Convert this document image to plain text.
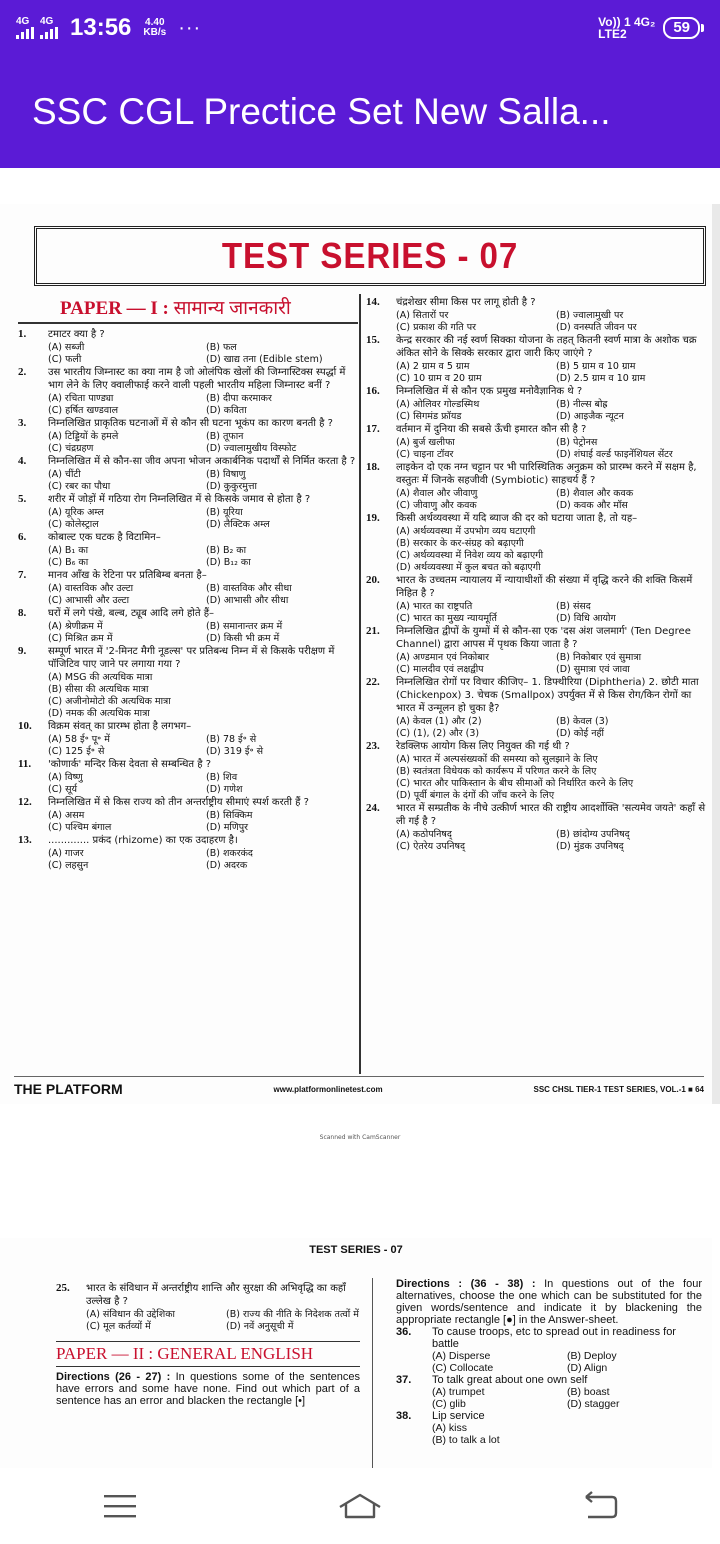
4G 4G 13:56 4.40
KB/s ···	Vo)) 1 4G₂
LTE2	59
SSC CGL Prectice Set New Salla...
TEST SERIES - 07
PAPER — I : सामान्य जानकारी
1.	टमाटर क्या है ?
(A) सब्जी	(B) फल
(C) फली	(D) खाद्य तना (Edible stem)
2.	उस भारतीय जिम्नास्ट का क्या नाम है जो ओलंपिक खेलों की जिम्नास्टिक्स स्पर्द्धा में भाग लेने के लिए क्वालीफाई करने वाली पहली भारतीय महिला जिम्नास्ट बनीं ?
(A) रचिता पाण्ड्या	(B) दीपा करमाकर
(C) हर्षित खण्डवाल	(D) कविता
3.	निम्नलिखित प्राकृतिक घटनाओं में से कौन सी घटना भूकंप का कारण बनती है ?
(A) टिड्डियों के हमले	(B) तूफान
(C) चंद्रग्रहण	(D) ज्वालामुखीय विस्फोट
4.	निम्नलिखित में से कौन-सा जीव अपना भोजन अकार्बनिक पदार्थों से निर्मित करता है ?
(A) चींटी	(B) विषाणु
(C) रबर का पौधा	(D) कुकुरमुत्ता
5.	शरीर में जोड़ों में गठिया रोग निम्नलिखित में से किसके जमाव से होता है ?
(A) यूरिक अम्ल	(B) यूरिया
(C) कोलेस्ट्राल	(D) लैक्टिक अम्ल
6.	कोबाल्ट एक घटक है विटामिन–
(A) B₁ का	(B) B₂ का
(C) B₆ का	(D) B₁₂ का
7.	मानव आँख के रेटिना पर प्रतिबिम्ब बनता है–
(A) वास्तविक और उल्टा	(B) वास्तविक और सीधा
(C) आभासी और उल्टा	(D) आभासी और सीधा
8.	घरों में लगे पंखे, बल्ब, ट्यूब आदि लगे होते हैं–
(A) श्रेणीक्रम में	(B) समानान्तर क्रम में
(C) मिश्रित क्रम में	(D) किसी भी क्रम में
9.	सम्पूर्ण भारत में '2-मिनट मैगी नूडल्स' पर प्रतिबन्ध निम्न में से किसके परीक्षण में पॉजिटिव पाए जाने पर लगाया गया ?
(A) MSG की अत्यधिक मात्रा
(B) सीसा की अत्यधिक मात्रा
(C) अजीनोमोटो की अत्यधिक मात्रा
(D) नमक की अत्यधिक मात्रा
10.	विक्रम संवत् का प्रारम्भ होता है लगभग–
(A) 58 ई॰ पू॰ में	(B) 78 ई॰ से
(C) 125 ई॰ से	(D) 319 ई॰ से
11.	'कोणार्क' मन्दिर किस देवता से सम्बन्धित है ?
(A) विष्णु	(B) शिव
(C) सूर्य	(D) गणेश
12.	निम्नलिखित में से किस राज्य को तीन अन्तर्राष्ट्रीय सीमाएं स्पर्श करती हैं ?
(A) असम	(B) सिक्किम
(C) पश्चिम बंगाल	(D) मणिपुर
13.	............. प्रकंद (rhizome) का एक उदाहरण है।
(A) गाजर	(B) शकरकंद
(C) लहसुन	(D) अदरक
14.	चंद्रशेखर सीमा किस पर लागू होती है ?
(A) सितारों पर	(B) ज्वालामुखी पर
(C) प्रकाश की गति पर	(D) वनस्पति जीवन पर
15.	केन्द्र सरकार की नई स्वर्ण सिक्का योजना के तहत् कितनी स्वर्ण मात्रा के अशोक चक्र अंकित सोने के सिक्के सरकार द्वारा जारी किए जाएंगे ?
(A) 2 ग्राम व 5 ग्राम	(B) 5 ग्राम व 10 ग्राम
(C) 10 ग्राम व 20 ग्राम	(D) 2.5 ग्राम व 10 ग्राम
16.	निम्नलिखित में से कौन एक प्रमुख मनोवैज्ञानिक थे ?
(A) ओलिवर गोल्डस्मिथ	(B) नील्स बोह्र
(C) सिगमंड फ्रॉयड	(D) आइजैक न्यूटन
17.	वर्तमान में दुनिया की सबसे ऊँची इमारत कौन सी है ?
(A) बुर्ज खलीफा	(B) पेट्रोनस
(C) चाइना टॉवर	(D) शंघाई वर्ल्ड फाइनेंशियल सेंटर
18.	लाइकेन दो एक नग्न चट्टान पर भी पारिस्थितिक अनुक्रम को प्रारम्भ करने में सक्षम है, वस्तुतः में जिनके सहजीवी (Symbiotic) साहचर्य हैं ?
(A) शैवाल और जीवाणु	(B) शैवाल और कवक
(C) जीवाणु और कवक	(D) कवक और मॉस
19.	किसी अर्थव्यवस्था में यदि ब्याज की दर को घटाया जाता है, तो यह–
(A) अर्थव्यवस्था में उपभोग व्यय घटाएगी
(B) सरकार के कर-संग्रह को बढ़ाएगी
(C) अर्थव्यवस्था में निवेश व्यय को बढ़ाएगी
(D) अर्थव्यवस्था में कुल बचत को बढ़ाएगी
20.	भारत के उच्चतम न्यायालय में न्यायाधीशों की संख्या में वृद्धि करने की शक्ति किसमें निहित है ?
(A) भारत का राष्ट्रपति	(B) संसद
(C) भारत का मुख्य न्यायमूर्ति	(D) विधि आयोग
21.	निम्नलिखित द्वीपों के युग्मों में से कौन-सा एक 'दस अंश जलमार्ग' (Ten Degree Channel) द्वारा आपस में पृथक किया जाता है ?
(A) अण्डमान एवं निकोबार	(B) निकोबार एवं सुमात्रा
(C) मालदीव एवं लक्षद्वीप	(D) सुमात्रा एवं जावा
22.	निम्नलिखित रोगों पर विचार कीजिए– 1. डिफ्थीरिया (Diphtheria) 2. छोटी माता (Chickenpox) 3. चेचक (Smallpox) उपर्युक्त में से किस रोग/किन रोगों का भारत में उन्मूलन हो चुका है?
(A) केवल (1) और (2)	(B) केवल (3)
(C) (1), (2) और (3)	(D) कोई नहीं
23.	रेडक्लिफ आयोग किस लिए नियुक्त की गई थी ?
(A) भारत में अल्पसंख्यकों की समस्या को सुलझाने के लिए
(B) स्वतंत्रता विधेयक को कार्यरूप में परिणत करने के लिए
(C) भारत और पाकिस्तान के बीच सीमाओं को निर्धारित करने के लिए
(D) पूर्वी बंगाल के दंगों की जाँच करने के लिए
24.	भारत में सम्प्रतीक के नीचे उत्कीर्ण भारत की राष्ट्रीय आदर्शोक्ति 'सत्यमेव जयते' कहाँ से ली गई है ?
(A) कठोपनिषद्	(B) छांदोग्य उपनिषद्
(C) ऐतरेय उपनिषद्	(D) मुंडक उपनिषद्
THE PLATFORM	www.platformonlinetest.com	SSC CHSL TIER-1 TEST SERIES, VOL.-1 ■ 64
Scanned with CamScanner
TEST SERIES - 07
25.	भारत के संविधान में अन्तर्राष्ट्रीय शान्ति और सुरक्षा की अभिवृद्धि का कहाँ उल्लेख है ?
(A) संविधान की उद्देशिका	(B) राज्य की नीति के निदेशक तत्वों में
(C) मूल कर्तव्यों में	(D) नवें अनुसूची में
PAPER — II : GENERAL ENGLISH
Directions (26 - 27) : In questions some of the sentences have errors and some have none. Find out which part of a sentence has an error and blacken the rectangle [•]
Directions : (36 - 38) : In questions out of the four alternatives, choose the one which can be substituted for the given words/sentence and indicate it by blackening the appropriate rectangle [●] in the Answer-sheet.
36.	To cause troops, etc to spread out in readiness for battle
(A) Disperse	(B) Deploy
(C) Collocate	(D) Align
37.	To talk great about one own self
(A) trumpet	(B) boast
(C) glib	(D) stagger
38.	Lip service
(A) kiss
(B) to talk a lot
